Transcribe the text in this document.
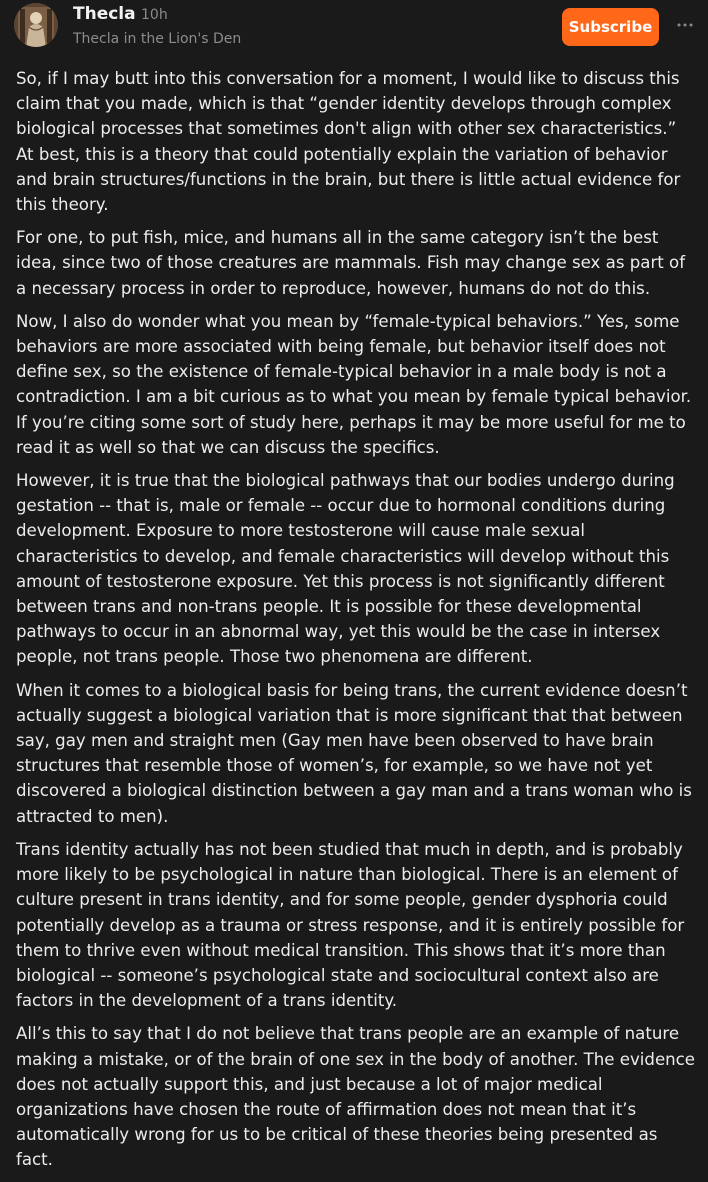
Thecla 10h
Thecla in the Lion's Den
Subscribe

So, if I may butt into this conversation for a moment, I would like to discuss this claim that you made, which is that “gender identity develops through complex biological processes that sometimes don't align with other sex characteristics.” At best, this is a theory that could potentially explain the variation of behavior and brain structures/functions in the brain, but there is little actual evidence for this theory.

For one, to put fish, mice, and humans all in the same category isn’t the best idea, since two of those creatures are mammals. Fish may change sex as part of a necessary process in order to reproduce, however, humans do not do this.

Now, I also do wonder what you mean by “female-typical behaviors.” Yes, some behaviors are more associated with being female, but behavior itself does not define sex, so the existence of female-typical behavior in a male body is not a contradiction. I am a bit curious as to what you mean by female typical behavior. If you’re citing some sort of study here, perhaps it may be more useful for me to read it as well so that we can discuss the specifics.

However, it is true that the biological pathways that our bodies undergo during gestation -- that is, male or female -- occur due to hormonal conditions during development. Exposure to more testosterone will cause male sexual characteristics to develop, and female characteristics will develop without this amount of testosterone exposure. Yet this process is not significantly different between trans and non-trans people. It is possible for these developmental pathways to occur in an abnormal way, yet this would be the case in intersex people, not trans people. Those two phenomena are different.

When it comes to a biological basis for being trans, the current evidence doesn’t actually suggest a biological variation that is more significant that that between say, gay men and straight men (Gay men have been observed to have brain structures that resemble those of women’s, for example, so we have not yet discovered a biological distinction between a gay man and a trans woman who is attracted to men).

Trans identity actually has not been studied that much in depth, and is probably more likely to be psychological in nature than biological. There is an element of culture present in trans identity, and for some people, gender dysphoria could potentially develop as a trauma or stress response, and it is entirely possible for them to thrive even without medical transition. This shows that it’s more than biological -- someone’s psychological state and sociocultural context also are factors in the development of a trans identity.

All’s this to say that I do not believe that trans people are an example of nature making a mistake, or of the brain of one sex in the body of another. The evidence does not actually support this, and just because a lot of major medical organizations have chosen the route of affirmation does not mean that it’s automatically wrong for us to be critical of these theories being presented as fact.
